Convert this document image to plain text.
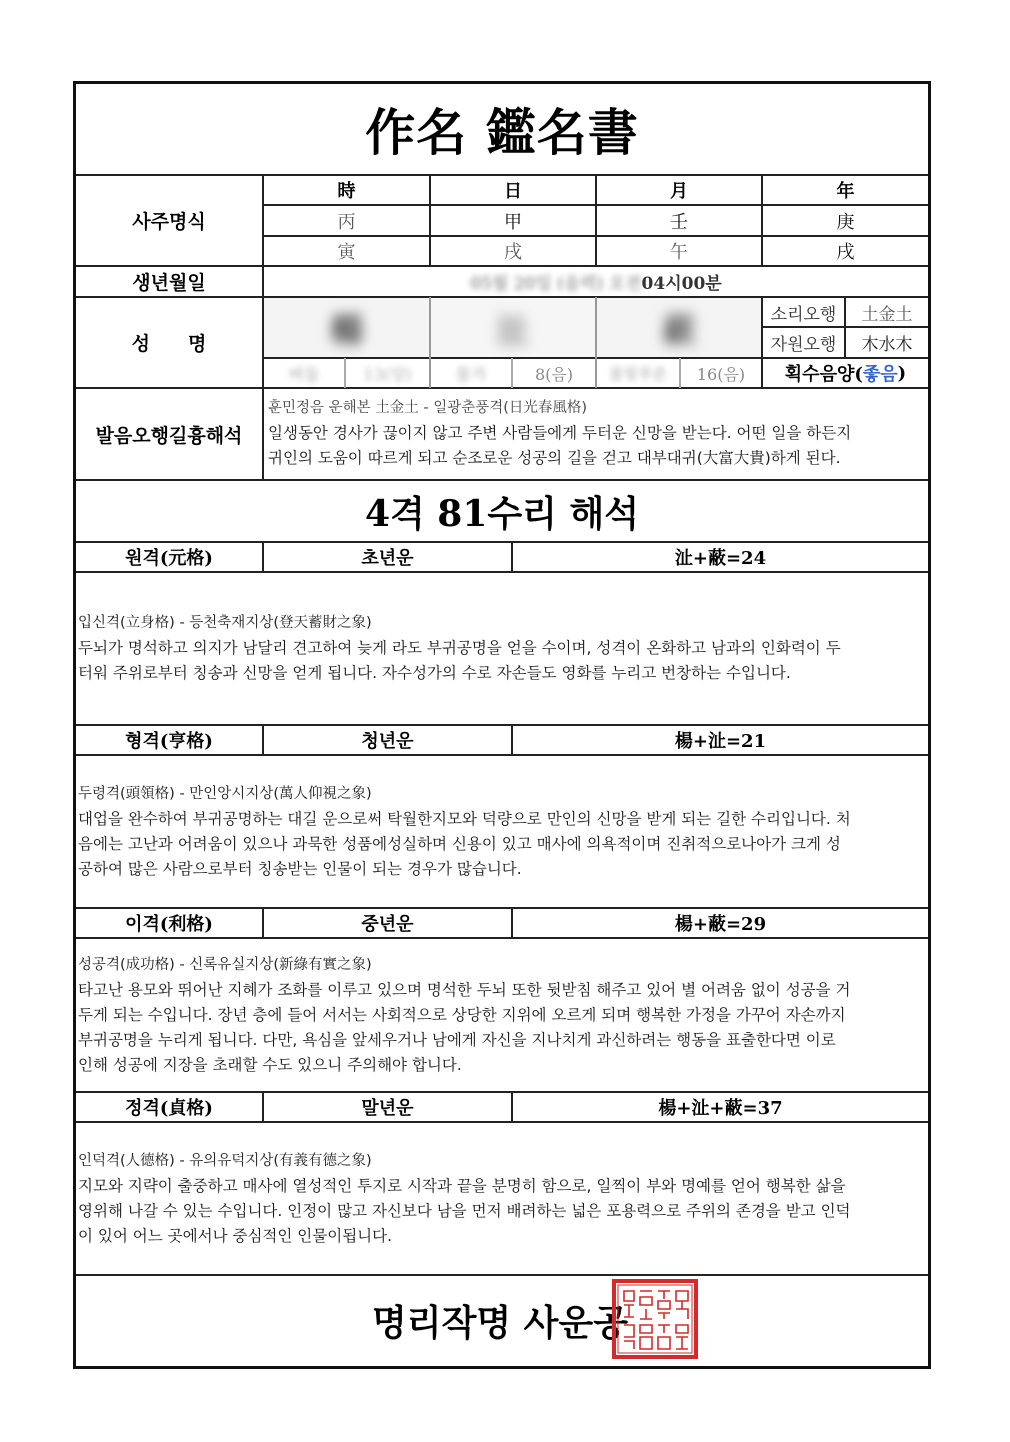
作名 鑑名書
사주명식
時	日	月	年
丙	甲	壬	庚
寅	戌	午	戌
생년월일	05월 20일 (음력) 오전 04시00분
성　　명	楊	沚	蔽	소리오행	土金土
자원오행	木水木
버들	13(양)	물가	8(음)	풀빛푸른	16(음)	획수음양( 좋음 )
발음오행길흉해석
훈민정음 운해본 土金土 - 일광춘풍격(日光春風格)
일생동안 경사가 끊이지 않고 주변 사람들에게 두터운 신망을 받는다. 어떤 일을 하든지
귀인의 도움이 따르게 되고 순조로운 성공의 길을 걷고 대부대귀(大富大貴)하게 된다.
4격 81수리 해석
원격(元格)	초년운	沚+蔽=24
입신격(立身格) - 등천축재지상(登天蓄財之象)
두뇌가 명석하고 의지가 남달리 견고하여 늦게 라도 부귀공명을 얻을 수이며, 성격이 온화하고 남과의 인화력이 두
터워 주위로부터 칭송과 신망을 얻게 됩니다. 자수성가의 수로 자손들도 영화를 누리고 번창하는 수입니다.
형격(亨格)	청년운	楊+沚=21
두령격(頭領格) - 만인앙시지상(萬人仰視之象)
대업을 완수하여 부귀공명하는 대길 운으로써 탁월한지모와 덕량으로 만인의 신망을 받게 되는 길한 수리입니다. 처
음에는 고난과 어려움이 있으나 과묵한 성품에성실하며 신용이 있고 매사에 의욕적이며 진취적으로나아가 크게 성
공하여 많은 사람으로부터 칭송받는 인물이 되는 경우가 많습니다.
이격(利格)	중년운	楊+蔽=29
성공격(成功格) - 신록유실지상(新綠有實之象)
타고난 용모와 뛰어난 지혜가 조화를 이루고 있으며 명석한 두뇌 또한 뒷받침 해주고 있어 별 어려움 없이 성공을 거
두게 되는 수입니다. 장년 층에 들어 서서는 사회적으로 상당한 지위에 오르게 되며 행복한 가정을 가꾸어 자손까지
부귀공명을 누리게 됩니다. 다만, 욕심을 앞세우거나 남에게 자신을 지나치게 과신하려는 행동을 표출한다면 이로
인해 성공에 지장을 초래할 수도 있으니 주의해야 합니다.
정격(貞格)	말년운	楊+沚+蔽=37
인덕격(人德格) - 유의유덕지상(有義有德之象)
지모와 지략이 출중하고 매사에 열성적인 투지로 시작과 끝을 분명히 함으로, 일찍이 부와 명예를 얻어 행복한 삶을
영위해 나갈 수 있는 수입니다. 인정이 많고 자신보다 남을 먼저 배려하는 넓은 포용력으로 주위의 존경을 받고 인덕
이 있어 어느 곳에서나 중심적인 인물이됩니다.
명리작명 사운공
